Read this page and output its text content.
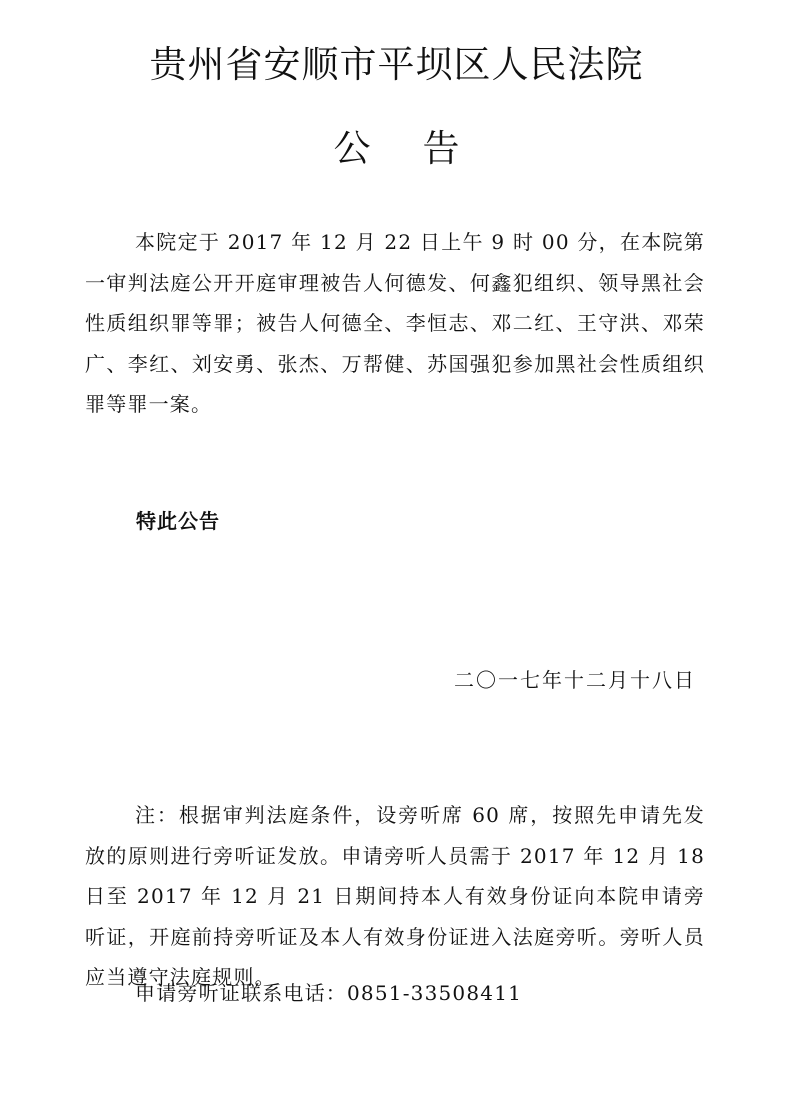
贵州省安顺市平坝区人民法院
公 告

本院定于 2017 年 12 月 22 日上午 9 时 00 分，在本院第一审判法庭公开开庭审理被告人何德发、何鑫犯组织、领导黑社会性质组织罪等罪；被告人何德全、李恒志、邓二红、王守洪、邓荣广、李红、刘安勇、张杰、万帮健、苏国强犯参加黑社会性质组织罪等罪一案。

特此公告

二〇一七年十二月十八日

注：根据审判法庭条件，设旁听席 60 席，按照先申请先发放的原则进行旁听证发放。申请旁听人员需于 2017 年 12 月 18 日至 2017 年 12 月 21 日期间持本人有效身份证向本院申请旁听证，开庭前持旁听证及本人有效身份证进入法庭旁听。旁听人员应当遵守法庭规则。

申请旁听证联系电话：0851-33508411
